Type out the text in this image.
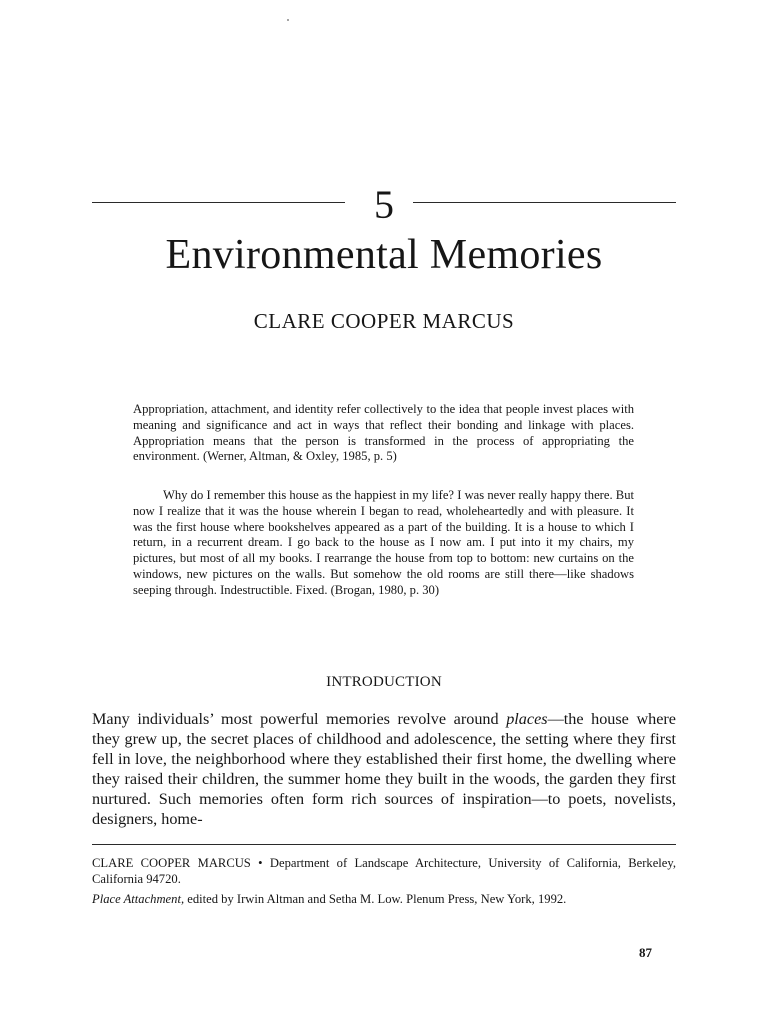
5
Environmental Memories
CLARE COOPER MARCUS

Appropriation, attachment, and identity refer collectively to the idea that people invest places with meaning and significance and act in ways that reflect their bonding and linkage with places. Appropriation means that the person is transformed in the process of appropriating the environment. (Werner, Altman, & Oxley, 1985, p. 5)

Why do I remember this house as the happiest in my life? I was never really happy there. But now I realize that it was the house wherein I began to read, wholeheartedly and with pleasure. It was the first house where bookshelves appeared as a part of the building. It is a house to which I return, in a recurrent dream. I go back to the house as I now am. I put into it my chairs, my pictures, but most of all my books. I rearrange the house from top to bottom: new curtains on the windows, new pictures on the walls. But somehow the old rooms are still there—like shadows seeping through. Indestructible. Fixed. (Brogan, 1980, p. 30)

INTRODUCTION

Many individuals’ most powerful memories revolve around places—the house where they grew up, the secret places of childhood and adolescence, the setting where they first fell in love, the neighborhood where they established their first home, the dwelling where they raised their children, the summer home they built in the woods, the garden they first nurtured. Such memories often form rich sources of inspiration—to poets, novelists, designers, home-

CLARE COOPER MARCUS • Department of Landscape Architecture, University of California, Berkeley, California 94720.

Place Attachment, edited by Irwin Altman and Setha M. Low. Plenum Press, New York, 1992.

87
